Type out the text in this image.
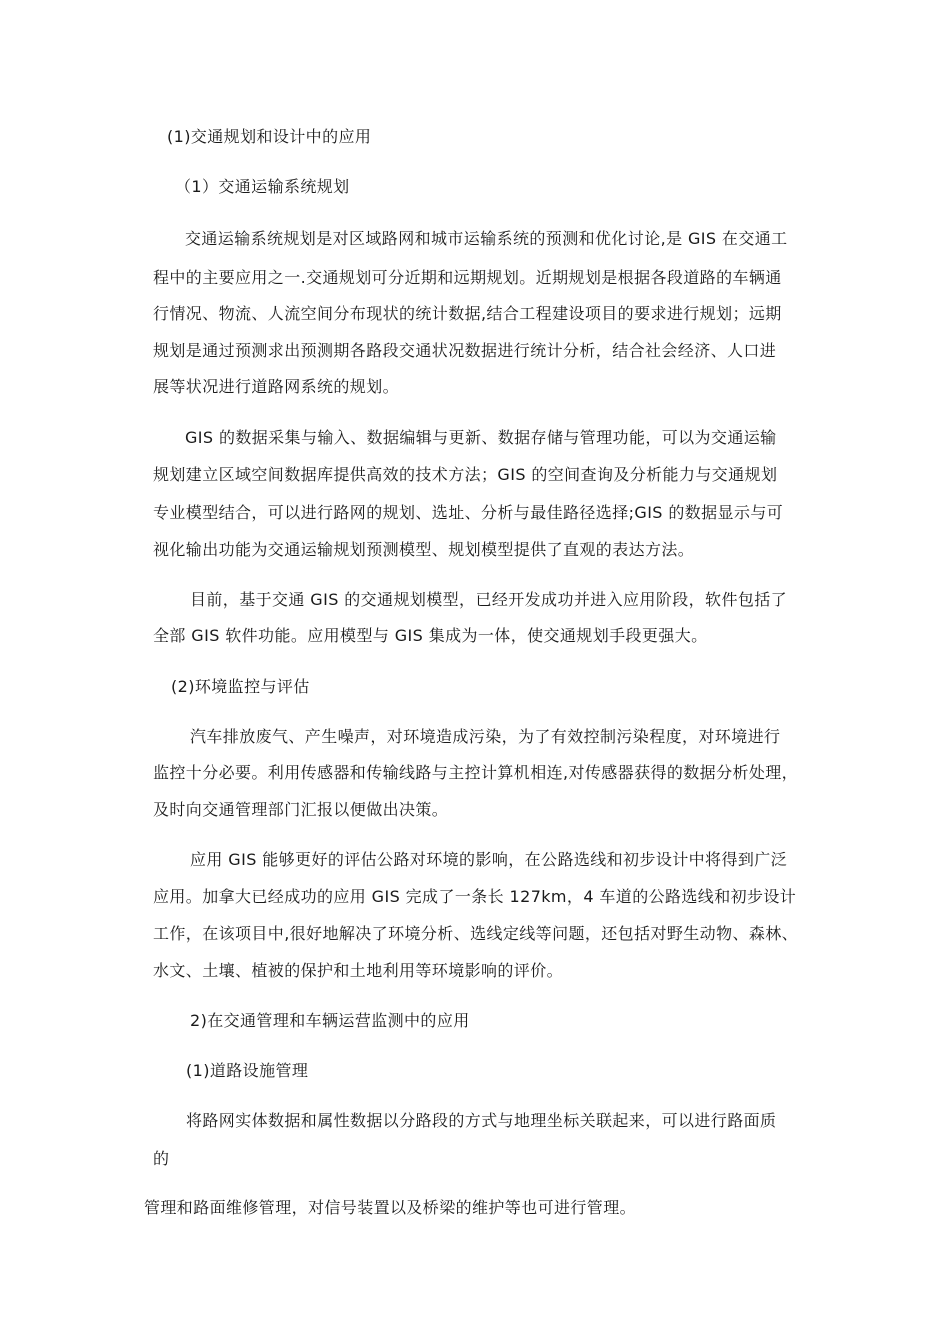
(1)交通规划和设计中的应用
（1）交通运输系统规划
交通运输系统规划是对区域路网和城市运输系统的预测和优化讨论,是 GIS 在交通工
程中的主要应用之一.交通规划可分近期和远期规划。近期规划是根据各段道路的车辆通
行情况、物流、人流空间分布现状的统计数据,结合工程建设项目的要求进行规划；远期
规划是通过预测求出预测期各路段交通状况数据进行统计分析，结合社会经济、人口进
展等状况进行道路网系统的规划。
GIS 的数据采集与输入、数据编辑与更新、数据存储与管理功能，可以为交通运输
规划建立区域空间数据库提供高效的技术方法；GIS 的空间查询及分析能力与交通规划
专业模型结合，可以进行路网的规划、选址、分析与最佳路径选择;GIS 的数据显示与可
视化输出功能为交通运输规划预测模型、规划模型提供了直观的表达方法。
目前，基于交通 GIS 的交通规划模型，已经开发成功并进入应用阶段，软件包括了
全部 GIS 软件功能。应用模型与 GIS 集成为一体，使交通规划手段更强大。
(2)环境监控与评估
汽车排放废气、产生噪声，对环境造成污染，为了有效控制污染程度，对环境进行
监控十分必要。利用传感器和传输线路与主控计算机相连,对传感器获得的数据分析处理，
及时向交通管理部门汇报以便做出决策。
应用 GIS 能够更好的评估公路对环境的影响，在公路选线和初步设计中将得到广泛
应用。加拿大已经成功的应用 GIS 完成了一条长 127km，4 车道的公路选线和初步设计
工作，在该项目中,很好地解决了环境分析、选线定线等问题，还包括对野生动物、森林、
水文、土壤、植被的保护和土地利用等环境影响的评价。
2)在交通管理和车辆运营监测中的应用
(1)道路设施管理
将路网实体数据和属性数据以分路段的方式与地理坐标关联起来，可以进行路面质
的
管理和路面维修管理，对信号装置以及桥梁的维护等也可进行管理。
